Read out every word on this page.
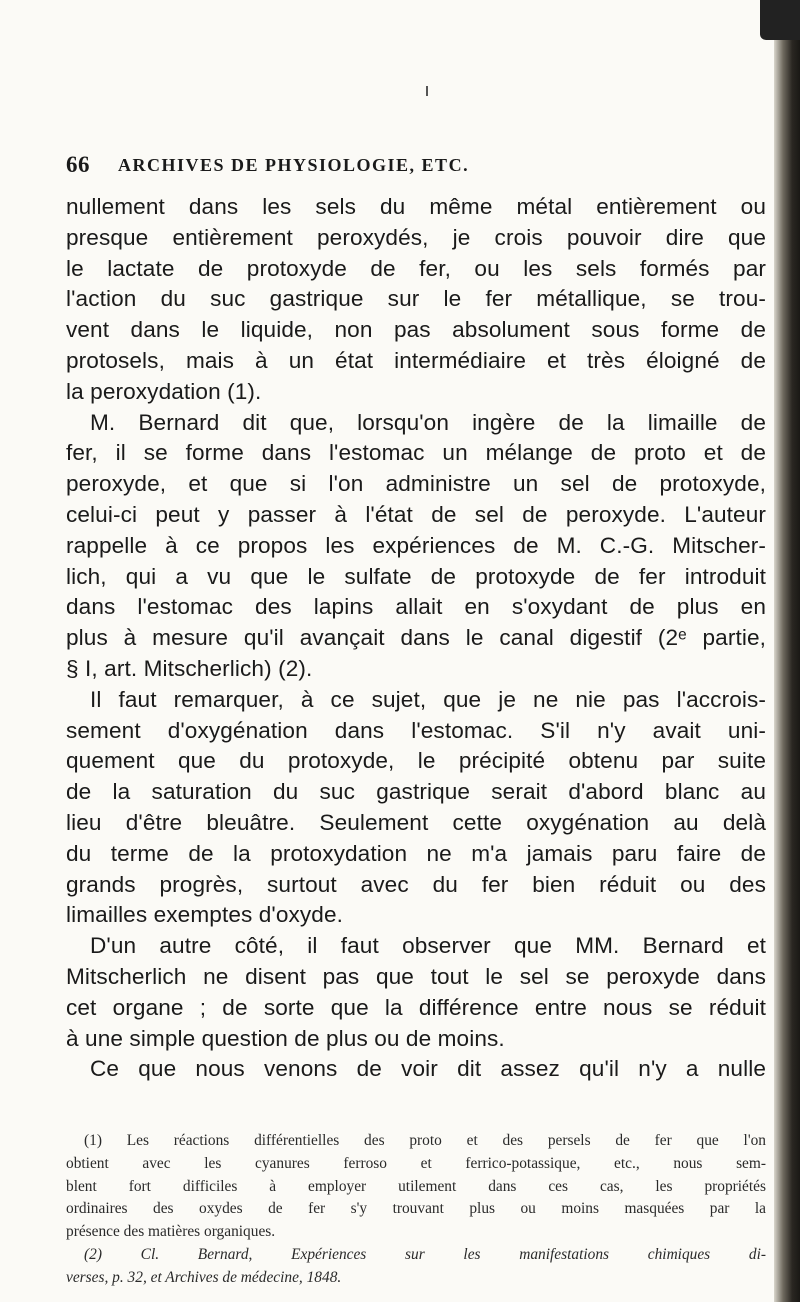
66 ARCHIVES DE PHYSIOLOGIE, ETC.
nullement dans les sels du même métal entièrement ou
presque entièrement peroxydés, je crois pouvoir dire que
le lactate de protoxyde de fer, ou les sels formés par
l'action du suc gastrique sur le fer métallique, se trou-
vent dans le liquide, non pas absolument sous forme de
protosels, mais à un état intermédiaire et très éloigné de
la peroxydation (1).
M. Bernard dit que, lorsqu'on ingère de la limaille de
fer, il se forme dans l'estomac un mélange de proto et de
peroxyde, et que si l'on administre un sel de protoxyde,
celui-ci peut y passer à l'état de sel de peroxyde. L'auteur
rappelle à ce propos les expériences de M. C.-G. Mitscher-
lich, qui a vu que le sulfate de protoxyde de fer introduit
dans l'estomac des lapins allait en s'oxydant de plus en
plus à mesure qu'il avançait dans le canal digestif (2ᵉ partie,
§ I, art. Mitscherlich) (2).
Il faut remarquer, à ce sujet, que je ne nie pas l'accrois-
sement d'oxygénation dans l'estomac. S'il n'y avait uni-
quement que du protoxyde, le précipité obtenu par suite
de la saturation du suc gastrique serait d'abord blanc au
lieu d'être bleuâtre. Seulement cette oxygénation au delà
du terme de la protoxydation ne m'a jamais paru faire de
grands progrès, surtout avec du fer bien réduit ou des
limailles exemptes d'oxyde.
D'un autre côté, il faut observer que MM. Bernard et
Mitscherlich ne disent pas que tout le sel se peroxyde dans
cet organe ; de sorte que la différence entre nous se réduit
à une simple question de plus ou de moins.
Ce que nous venons de voir dit assez qu'il n'y a nulle
(1) Les réactions différentielles des proto et des persels de fer que l'on
obtient avec les cyanures ferroso et ferrico-potassique, etc., nous sem-
blent fort difficiles à employer utilement dans ces cas, les propriétés
ordinaires des oxydes de fer s'y trouvant plus ou moins masquées par la
présence des matières organiques.
(2) Cl. Bernard, Expériences sur les manifestations chimiques di-
verses, p. 32, et Archives de médecine, 1848.
